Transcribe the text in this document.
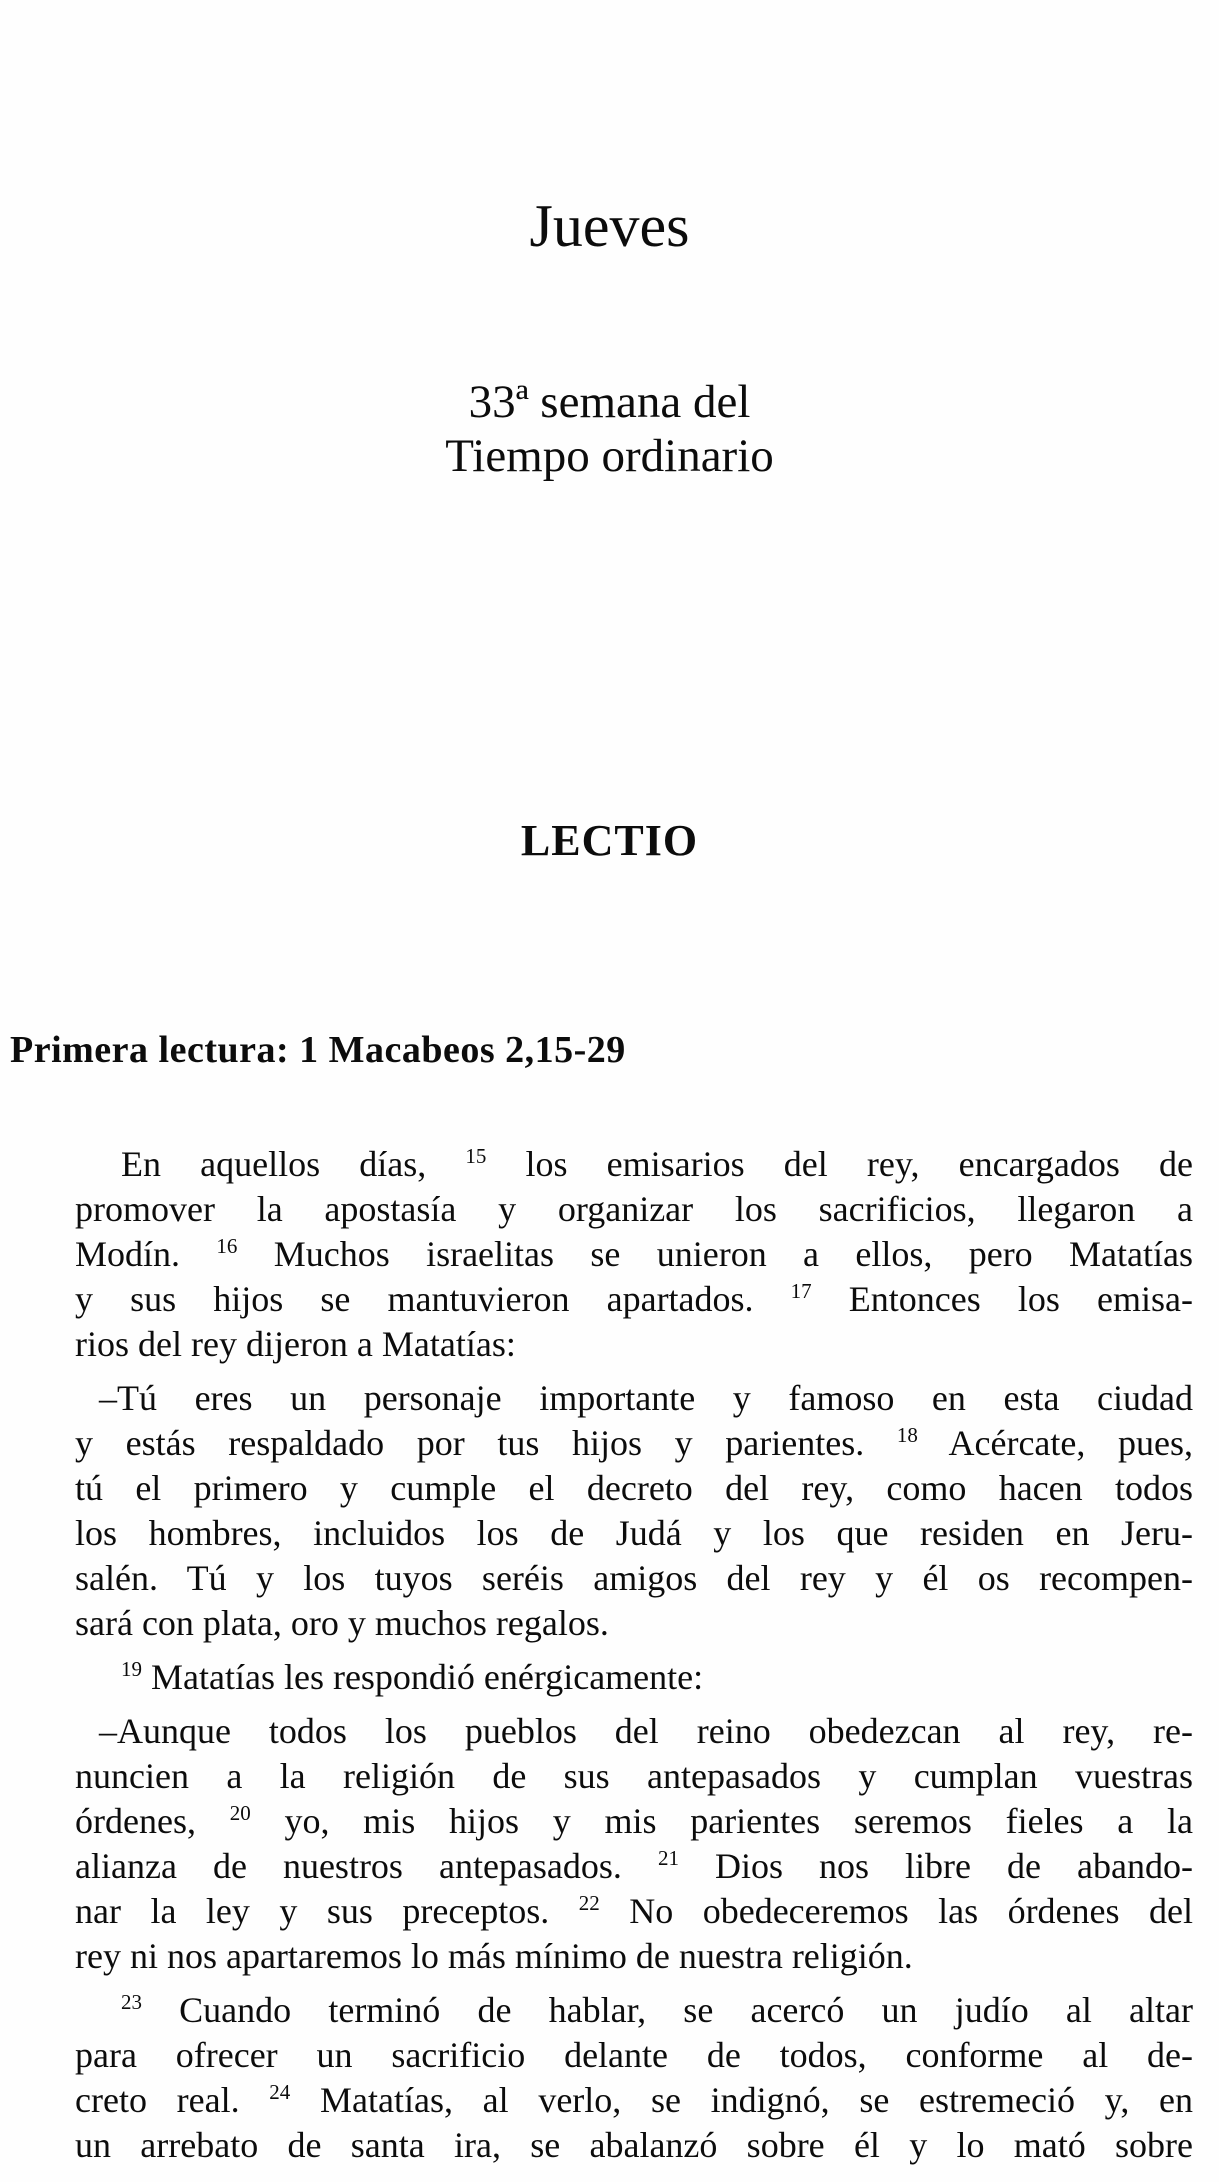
Jueves
33ª semana del
Tiempo ordinario
LECTIO
Primera lectura: 1 Macabeos 2,15-29
En aquellos días, $^{15}$ los emisarios del rey, encargados de
promover la apostasía y organizar los sacrificios, llegaron a
Modín. $^{16}$ Muchos israelitas se unieron a ellos, pero Matatías
y sus hijos se mantuvieron apartados. $^{17}$ Entonces los emisa-
rios del rey dijeron a Matatías:
–Tú eres un personaje importante y famoso en esta ciudad
y estás respaldado por tus hijos y parientes. $^{18}$ Acércate, pues,
tú el primero y cumple el decreto del rey, como hacen todos
los hombres, incluidos los de Judá y los que residen en Jeru-
salén. Tú y los tuyos seréis amigos del rey y él os recompen-
sará con plata, oro y muchos regalos.
$^{19}$ Matatías les respondió enérgicamente:
–Aunque todos los pueblos del reino obedezcan al rey, re-
nuncien a la religión de sus antepasados y cumplan vuestras
órdenes, $^{20}$ yo, mis hijos y mis parientes seremos fieles a la
alianza de nuestros antepasados. $^{21}$ Dios nos libre de abando-
nar la ley y sus preceptos. $^{22}$ No obedeceremos las órdenes del
rey ni nos apartaremos lo más mínimo de nuestra religión.
$^{23}$ Cuando terminó de hablar, se acercó un judío al altar
para ofrecer un sacrificio delante de todos, conforme al de-
creto real. $^{24}$ Matatías, al verlo, se indignó, se estremeció y, en
un arrebato de santa ira, se abalanzó sobre él y lo mató sobre
